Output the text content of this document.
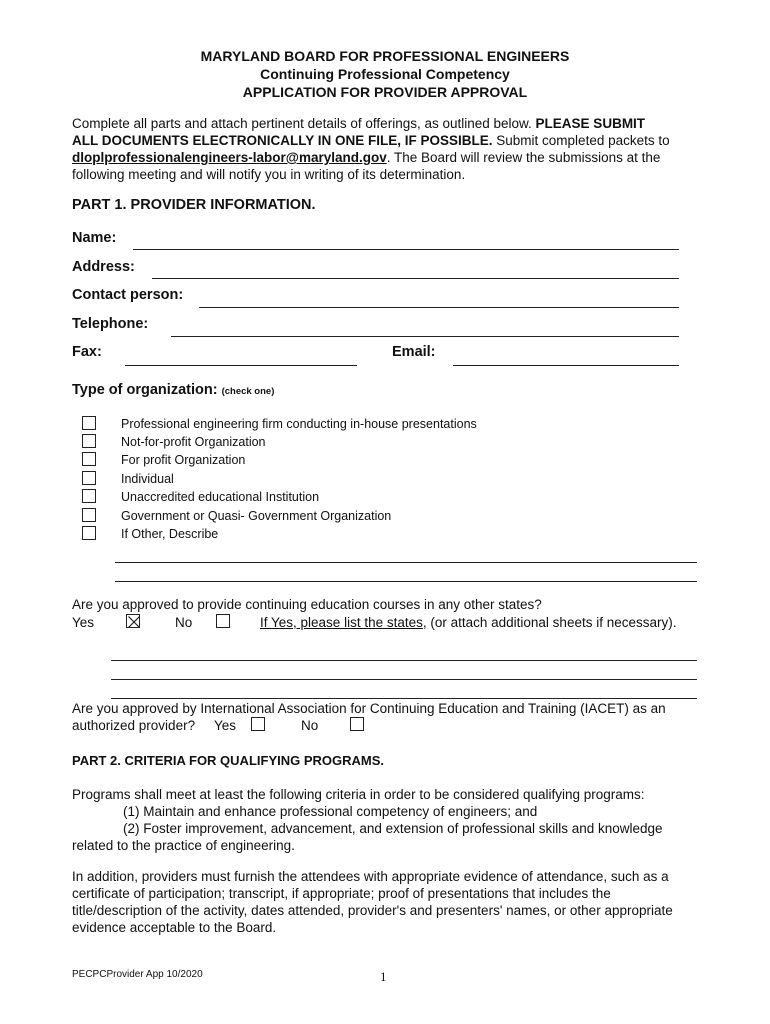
MARYLAND BOARD FOR PROFESSIONAL ENGINEERS
Continuing Professional Competency
APPLICATION FOR PROVIDER APPROVAL
Complete all parts and attach pertinent details of offerings, as outlined below. PLEASE SUBMIT
ALL DOCUMENTS ELECTRONICALLY IN ONE FILE, IF POSSIBLE. Submit completed packets to
dloplprofessionalengineers-labor@maryland.gov. The Board will review the submissions at the
following meeting and will notify you in writing of its determination.
PART 1. PROVIDER INFORMATION.
Name:
Address:
Contact person:
Telephone:
Fax:	Email:
Type of organization: (check one)
Professional engineering firm conducting in-house presentations
Not-for-profit Organization
For profit Organization
Individual
Unaccredited educational Institution
Government or Quasi- Government Organization
If Other, Describe
Are you approved to provide continuing education courses in any other states?
Yes	No	If Yes, please list the states, (or attach additional sheets if necessary).
Are you approved by International Association for Continuing Education and Training (IACET) as an
authorized provider? Yes	No
PART 2. CRITERIA FOR QUALIFYING PROGRAMS.
Programs shall meet at least the following criteria in order to be considered qualifying programs:
(1) Maintain and enhance professional competency of engineers; and
(2) Foster improvement, advancement, and extension of professional skills and knowledge
related to the practice of engineering.
In addition, providers must furnish the attendees with appropriate evidence of attendance, such as a
certificate of participation; transcript, if appropriate; proof of presentations that includes the
title/description of the activity, dates attended, provider's and presenters' names, or other appropriate
evidence acceptable to the Board.
PECPCProvider App 10/2020	1
